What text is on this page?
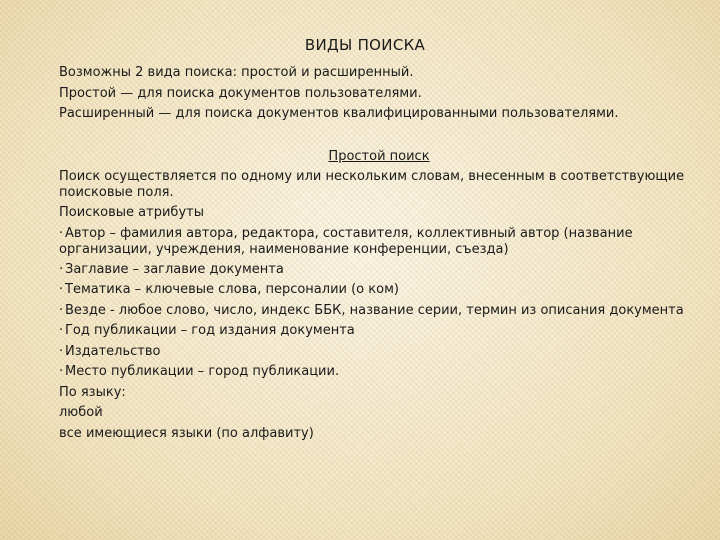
ВИДЫ ПОИСКА

Возможны 2 вида поиска: простой и расширенный.

Простой — для поиска документов пользователями.

Расширенный — для поиска документов квалифицированными пользователями.

Простой поиск

Поиск осуществляется по одному или нескольким словам, внесенным в соответствующие поисковые поля.

Поисковые атрибуты

· Автор – фамилия автора, редактора, составителя, коллективный автор (название организации, учреждения, наименование конференции, съезда)

· Заглавие – заглавие документа

· Тематика – ключевые слова, персоналии (о ком)

· Везде - любое слово, число, индекс ББК, название серии, термин из описания документа

· Год публикации – год издания документа

· Издательство

· Место публикации – город публикации.

По языку:

любой

все имеющиеся языки (по алфавиту)
